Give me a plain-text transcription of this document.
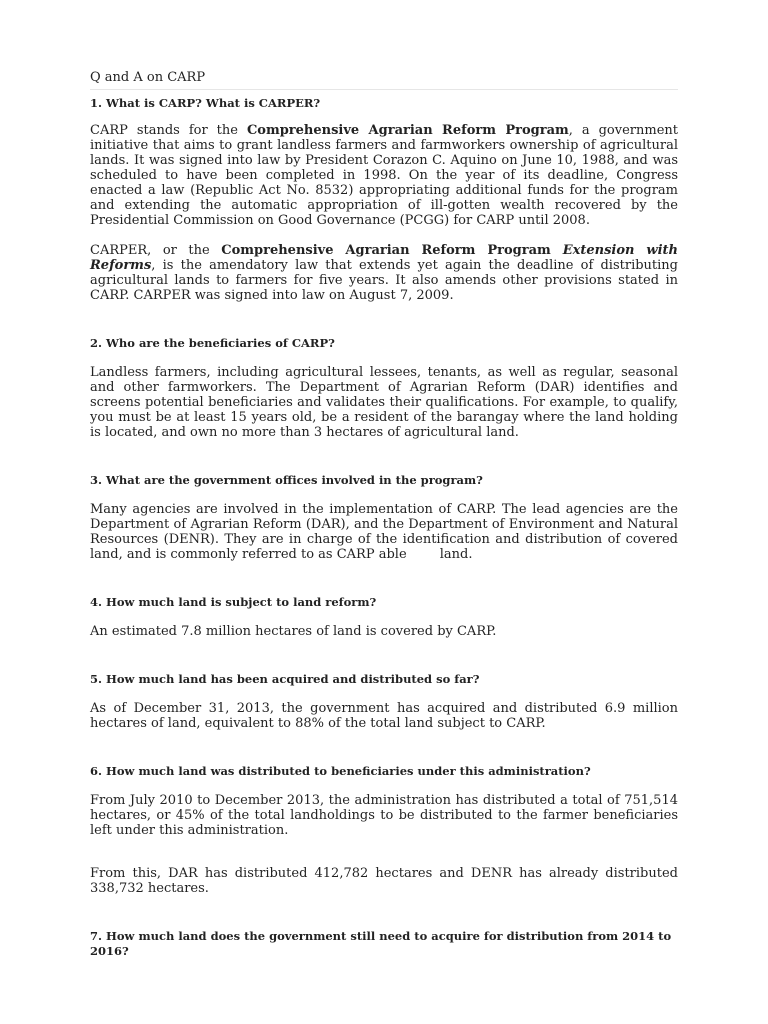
Q and A on CARP

1. What is CARP? What is CARPER?

CARP stands for the Comprehensive Agrarian Reform Program, a government initiative that aims to grant landless farmers and farmworkers ownership of agricultural lands. It was signed into law by President Corazon C. Aquino on June 10, 1988, and was scheduled to have been completed in 1998. On the year of its deadline, Congress enacted a law (Republic Act No. 8532) appropriating additional funds for the program and extending the automatic appropriation of ill-gotten wealth recovered by the Presidential Commission on Good Governance (PCGG) for CARP until 2008.

CARPER, or the Comprehensive Agrarian Reform Program Extension with Reforms, is the amendatory law that extends yet again the deadline of distributing agricultural lands to farmers for five years. It also amends other provisions stated in CARP. CARPER was signed into law on August 7, 2009.

2. Who are the beneficiaries of CARP?

Landless farmers, including agricultural lessees, tenants, as well as regular, seasonal and other farmworkers. The Department of Agrarian Reform (DAR) identifies and screens potential beneficiaries and validates their qualifications. For example, to qualify, you must be at least 15 years old, be a resident of the barangay where the land holding is located, and own no more than 3 hectares of agricultural land.

3. What are the government offices involved in the program?

Many agencies are involved in the implementation of CARP. The lead agencies are the Department of Agrarian Reform (DAR), and the Department of Environment and Natural Resources (DENR). They are in charge of the identification and distribution of covered land, and is commonly referred to as CARP able        land.

4. How much land is subject to land reform?

An estimated 7.8 million hectares of land is covered by CARP.

5. How much land has been acquired and distributed so far?

As of December 31, 2013, the government has acquired and distributed 6.9 million hectares of land, equivalent to 88% of the total land subject to CARP.

6. How much land was distributed to beneficiaries under this administration?

From July 2010 to December 2013, the administration has distributed a total of 751,514 hectares, or 45% of the total landholdings to be distributed to the farmer beneficiaries left under this administration.

From this, DAR has distributed 412,782 hectares and DENR has already distributed 338,732 hectares.

7. How much land does the government still need to acquire for distribution from 2014 to 2016?
